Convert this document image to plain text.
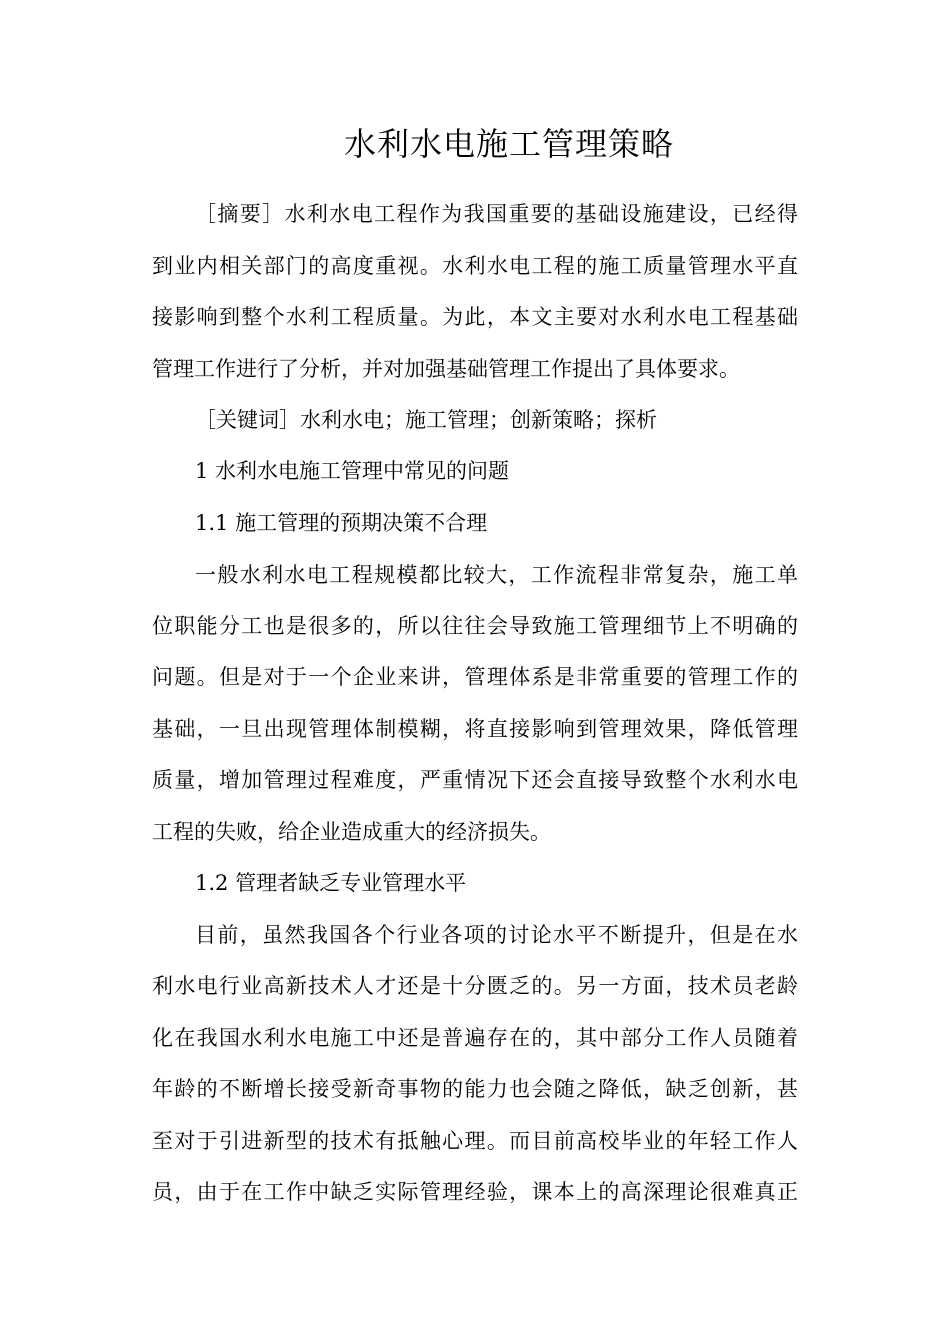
水利水电施工管理策略
［摘要］水利水电工程作为我国重要的基础设施建设，已经得
到业内相关部门的高度重视。水利水电工程的施工质量管理水平直
接影响到整个水利工程质量。为此，本文主要对水利水电工程基础
管理工作进行了分析，并对加强基础管理工作提出了具体要求。
［关键词］水利水电；施工管理；创新策略；探析
1 水利水电施工管理中常见的问题
1.1 施工管理的预期决策不合理
一般水利水电工程规模都比较大，工作流程非常复杂，施工单
位职能分工也是很多的，所以往往会导致施工管理细节上不明确的
问题。但是对于一个企业来讲，管理体系是非常重要的管理工作的
基础，一旦出现管理体制模糊，将直接影响到管理效果，降低管理
质量，增加管理过程难度，严重情况下还会直接导致整个水利水电
工程的失败，给企业造成重大的经济损失。
1.2 管理者缺乏专业管理水平
目前，虽然我国各个行业各项的讨论水平不断提升，但是在水
利水电行业高新技术人才还是十分匮乏的。另一方面，技术员老龄
化在我国水利水电施工中还是普遍存在的，其中部分工作人员随着
年龄的不断增长接受新奇事物的能力也会随之降低，缺乏创新，甚
至对于引进新型的技术有抵触心理。而目前高校毕业的年轻工作人
员，由于在工作中缺乏实际管理经验，课本上的高深理论很难真正
